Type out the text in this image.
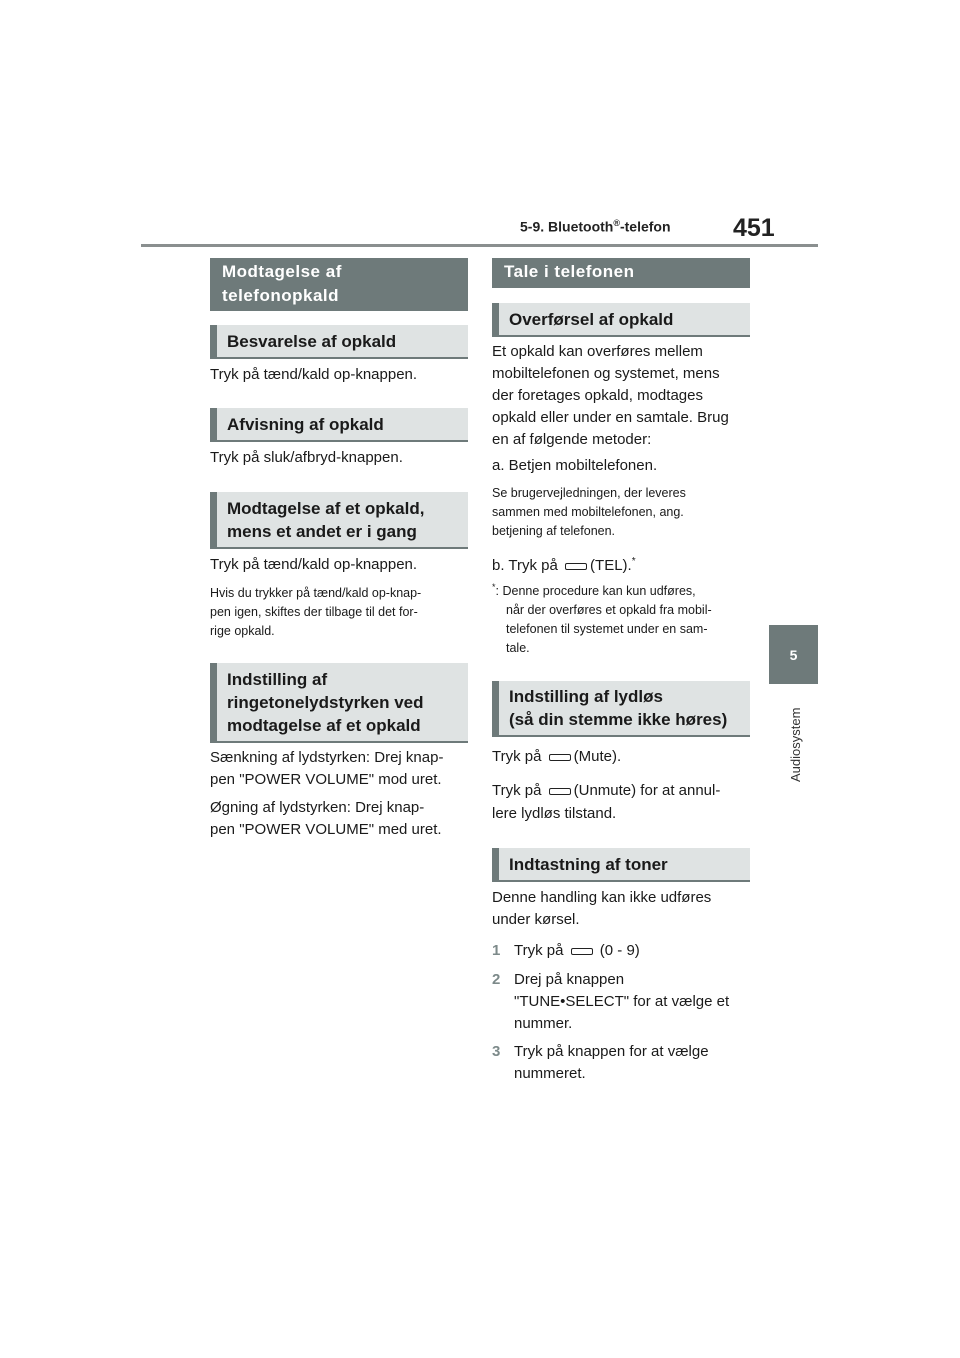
5-9. Bluetooth®-telefon 451
5
Audiosystem
Modtagelse af telefonopkald
Besvarelse af opkald
Tryk på tænd/kald op-knappen.
Afvisning af opkald
Tryk på sluk/afbryd-knappen.
Modtagelse af et opkald,
mens et andet er i gang
Tryk på tænd/kald op-knappen.
Hvis du trykker på tænd/kald op-knap-
pen igen, skiftes der tilbage til det for-
rige opkald.
Indstilling af
ringetonelydstyrken ved
modtagelse af et opkald
Sænkning af lydstyrken: Drej knap-
pen "POWER VOLUME" mod uret.
Øgning af lydstyrken: Drej knap-
pen "POWER VOLUME" med uret.
Tale i telefonen
Overførsel af opkald
Et opkald kan overføres mellem
mobiltelefonen og systemet, mens
der foretages opkald, modtages
opkald eller under en samtale. Brug
en af følgende metoder:
a. Betjen mobiltelefonen.
Se brugervejledningen, der leveres
sammen med mobiltelefonen, ang.
betjening af telefonen.
b. Tryk på (TEL).*
*: Denne procedure kan kun udføres,
når der overføres et opkald fra mobil-
telefonen til systemet under en sam-
tale.
Indstilling af lydløs
(så din stemme ikke høres)
Tryk på (Mute).
Tryk på (Unmute) for at annul-
lere lydløs tilstand.
Indtastning af toner
Denne handling kan ikke udføres
under kørsel.
1 Tryk på (0 - 9)
2 Drej på knappen
"TUNE•SELECT" for at vælge et
nummer.
3 Tryk på knappen for at vælge
nummeret.
